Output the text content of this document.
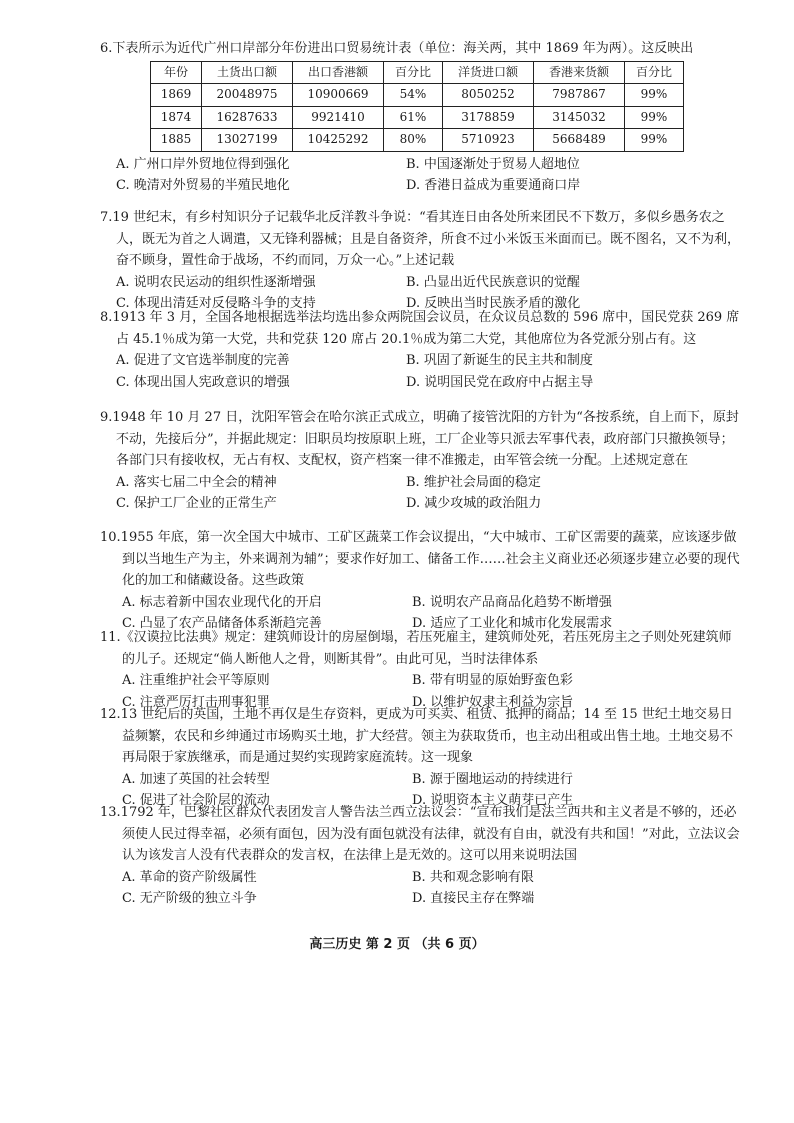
6.下表所示为近代广州口岸部分年份进出口贸易统计表（单位：海关两，其中 1869 年为两）。这反映出
年份	土货出口额	出口香港额	百分比	洋货进口额	香港来货额	百分比
1869	20048975	10900669	54%	8050252	7987867	99%
1874	16287633	9921410	61%	3178859	3145032	99%
1885	13027199	10425292	80%	5710923	5668489	99%
A. 广州口岸外贸地位得到强化	B. 中国逐渐处于贸易人超地位
C. 晚清对外贸易的半殖民地化	D. 香港日益成为重要通商口岸
7.19 世纪末，有乡村知识分子记载华北反洋教斗争说：“看其连日由各处所来团民不下数万，多似乡愚务农之人，既无为首之人调遣，又无锋利器械；且是自备资斧，所食不过小米饭玉米面而已。既不图名，又不为利，奋不顾身，置性命于战场，不约而同，万众一心。”上述记载
A. 说明农民运动的组织性逐渐增强	B. 凸显出近代民族意识的觉醒
C. 体现出清廷对反侵略斗争的支持	D. 反映出当时民族矛盾的激化
8.1913 年 3 月，全国各地根据选举法均选出参众两院国会议员，在众议员总数的 596 席中，国民党获 269 席占 45.1％成为第一大党，共和党获 120 席占 20.1％成为第二大党，其他席位为各党派分别占有。这
A. 促进了文官选举制度的完善	B. 巩固了新诞生的民主共和制度
C. 体现出国人宪政意识的增强	D. 说明国民党在政府中占据主导
9.1948 年 10 月 27 日，沈阳军管会在哈尔滨正式成立，明确了接管沈阳的方针为“各按系统，自上而下，原封不动，先接后分”，并据此规定：旧职员均按原职上班，工厂企业等只派去军事代表，政府部门只撤换领导；各部门只有接收权，无占有权、支配权，资产档案一律不准搬走，由军管会统一分配。上述规定意在
A. 落实七届二中全会的精神	B. 维护社会局面的稳定
C. 保护工厂企业的正常生产	D. 减少攻城的政治阻力
10.1955 年底，第一次全国大中城市、工矿区蔬菜工作会议提出，“大中城市、工矿区需要的蔬菜，应该逐步做到以当地生产为主，外来调剂为辅”；要求作好加工、储备工作……社会主义商业还必须逐步建立必要的现代化的加工和储藏设备。这些政策
A. 标志着新中国农业现代化的开启	B. 说明农产品商品化趋势不断增强
C. 凸显了农产品储备体系渐趋完善	D. 适应了工业化和城市化发展需求
11.《汉谟拉比法典》规定：建筑师设计的房屋倒塌，若压死雇主，建筑师处死，若压死房主之子则处死建筑师的儿子。还规定“倘人断他人之骨，则断其骨”。由此可见，当时法律体系
A. 注重维护社会平等原则	B. 带有明显的原始野蛮色彩
C. 注意严厉打击刑事犯罪	D. 以维护奴隶主利益为宗旨
12.13 世纪后的英国，土地不再仅是生存资料，更成为可买卖、租赁、抵押的商品；14 至 15 世纪土地交易日益频繁，农民和乡绅通过市场购买土地，扩大经营。领主为获取货币，也主动出租或出售土地。土地交易不再局限于家族继承，而是通过契约实现跨家庭流转。这一现象
A. 加速了英国的社会转型	B. 源于圈地运动的持续进行
C. 促进了社会阶层的流动	D. 说明资本主义萌芽已产生
13.1792 年，巴黎社区群众代表团发言人警告法兰西立法议会：“宣布我们是法兰西共和主义者是不够的，还必须使人民过得幸福，必须有面包，因为没有面包就没有法律，就没有自由，就没有共和国！”对此，立法议会认为该发言人没有代表群众的发言权，在法律上是无效的。这可以用来说明法国
A. 革命的资产阶级属性	B. 共和观念影响有限
C. 无产阶级的独立斗争	D. 直接民主存在弊端
高三历史 第 2 页 （共 6 页）
